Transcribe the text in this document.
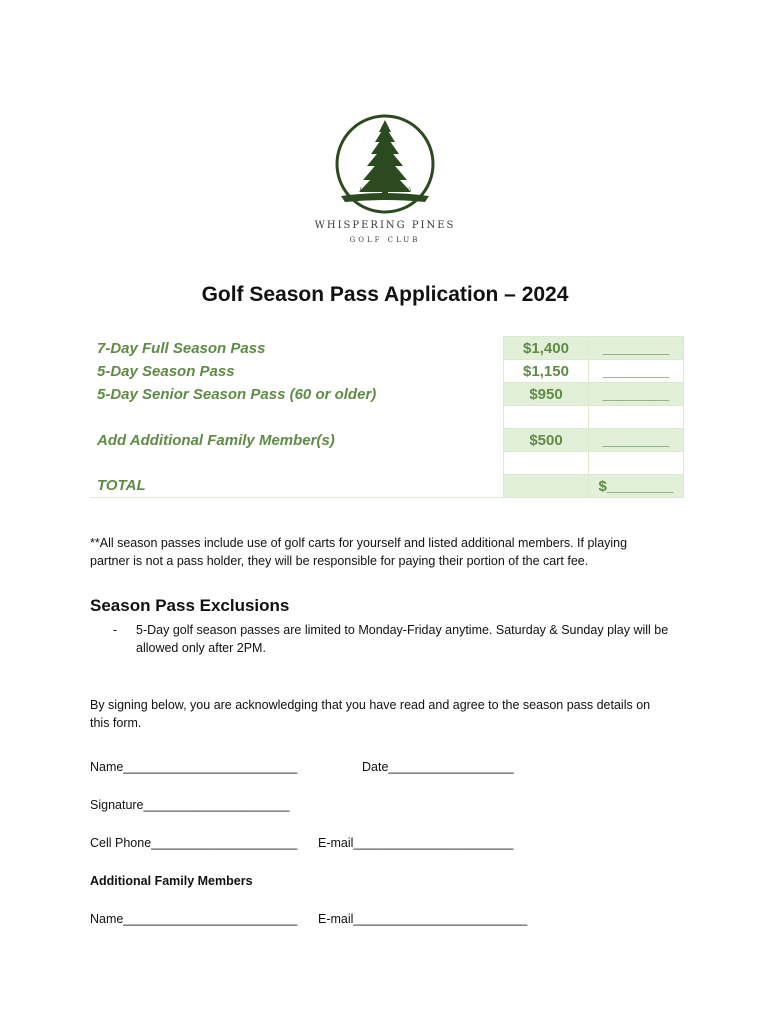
EST.	1995
WHISPERING PINES
GOLF CLUB
Golf Season Pass Application – 2024
7-Day Full Season Pass	$1,400	________
5-Day Season Pass	$1,150	________
5-Day Senior Season Pass (60 or older)	$950	________

Add Additional Family Member(s)	$500	________

TOTAL		$________
**All season passes include use of golf carts for yourself and listed additional members. If playing partner is not a pass holder, they will be responsible for paying their portion of the cart fee.
Season Pass Exclusions
- 5-Day golf season passes are limited to Monday-Friday anytime. Saturday & Sunday play will be allowed only after 2PM.
By signing below, you are acknowledging that you have read and agree to the season pass details on this form.
Name_________________________	Date__________________
Signature_____________________
Cell Phone_____________________ E-mail_______________________
Additional Family Members
Name_________________________ E-mail_________________________
